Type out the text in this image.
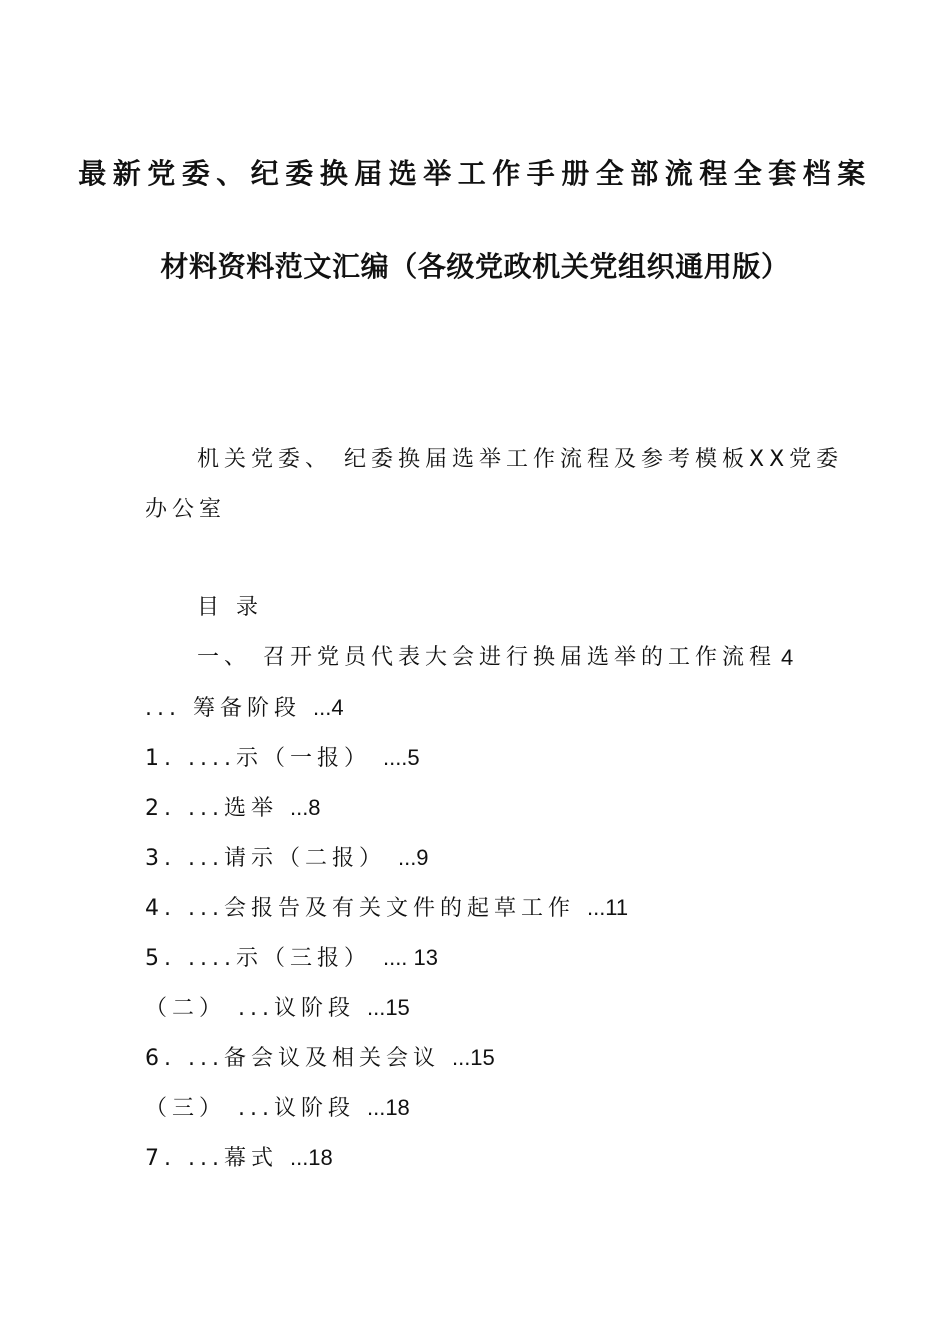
最新党委、纪委换届选举工作手册全部流程全套档案
材料资料范文汇编（各级党政机关党组织通用版）
机关党委、 纪委换届选举工作流程及参考模板XX党委
办公室
目 录
一、 召开党员代表大会进行换届选举的工作流程 4
... 筹备阶段 ...4
1. ....示（一报） ....5
2. ...选举 ...8
3. ...请示（二报） ...9
4. ...会报告及有关文件的起草工作 ...11
5. ....示（三报） .... 13
（二） ...议阶段 ...15
6. ...备会议及相关会议 ...15
（三） ...议阶段 ...18
7. ...幕式 ...18
